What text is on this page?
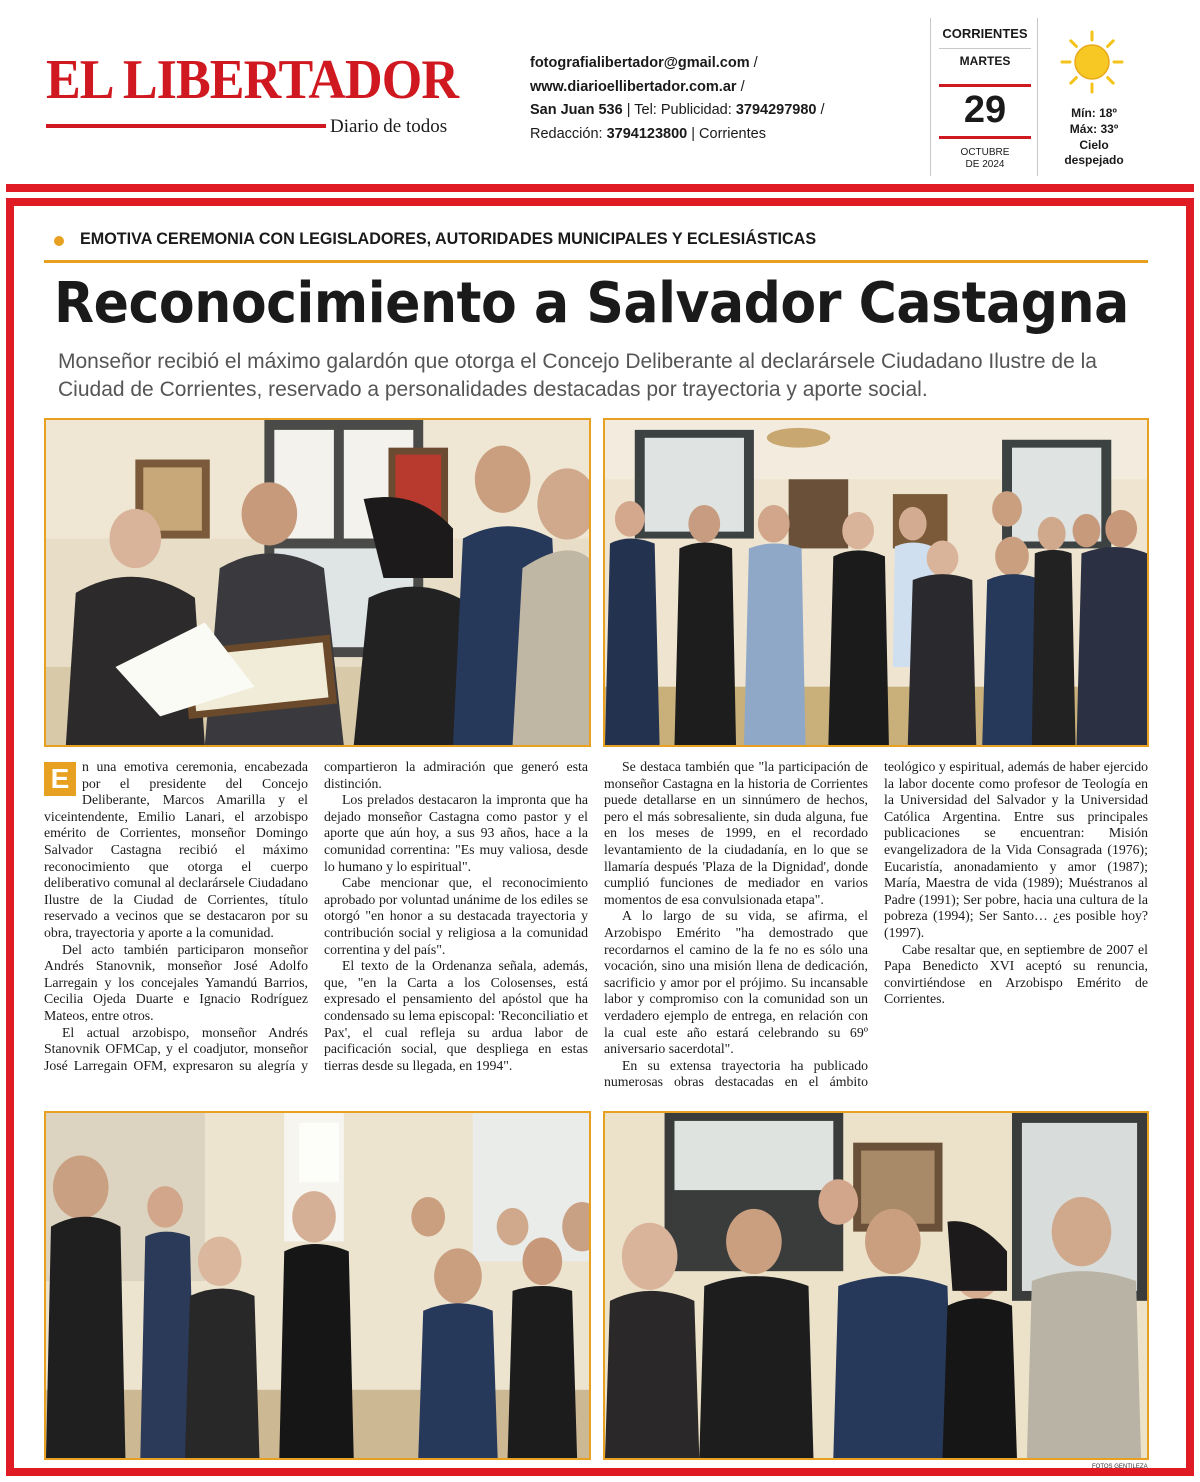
EL LIBERTADOR
Diario de todos
fotografialibertador@gmail.com /
www.diarioellibertador.com.ar /
San Juan 536 | Tel: Publicidad: 3794297980 /
Redacción: 3794123800 | Corrientes
CORRIENTES
MARTES
29
OCTUBRE
DE 2024
Mín: 18º
Máx: 33º
Cielo
despejado
EMOTIVA CEREMONIA CON LEGISLADORES, AUTORIDADES MUNICIPALES Y ECLESIÁSTICAS
Reconocimiento a Salvador Castagna

Monseñor recibió el máximo galardón que otorga el Concejo Deliberante al declarársele Ciudadano Ilustre de la Ciudad de Corrientes, reservado a personalidades destacadas por trayectoria y aporte social.

FOTOS GENTILEZA

E n una emotiva ceremonia, encabezada por el presidente del Concejo Deliberante, Marcos Amarilla y el viceintendente, Emilio Lanari, el arzobispo emérito de Corrientes, monseñor Domingo Salvador Castagna recibió el máximo reconocimiento que otorga el cuerpo deliberativo comunal al declarársele Ciudadano Ilustre de la Ciudad de Corrientes, título reservado a vecinos que se destacaron por su obra, trayectoria y aporte a la comunidad.

Del acto también participaron monseñor Andrés Stanovnik, monseñor José Adolfo Larregain y los concejales Yamandú Barrios, Cecilia Ojeda Duarte e Ignacio Rodríguez Mateos, entre otros.

El actual arzobispo, monseñor Andrés Stanovnik OFMCap, y el coadjutor, monseñor José Larregain OFM, expresaron su alegría y compartieron la admiración que generó esta distinción.

Los prelados destacaron la impronta que ha dejado monseñor Castagna como pastor y el aporte que aún hoy, a sus 93 años, hace a la comunidad correntina: "Es muy valiosa, desde lo humano y lo espiritual".

Cabe mencionar que, el reconocimiento aprobado por voluntad unánime de los ediles se otorgó "en honor a su destacada trayectoria y contribución social y religiosa a la comunidad correntina y del país".

El texto de la Ordenanza señala, además, que, "en la Carta a los Colosenses, está expresado el pensamiento del apóstol que ha condensado su lema episcopal: 'Reconciliatio et Pax', el cual refleja su ardua labor de pacificación social, que despliega en estas tierras desde su llegada, en 1994".

Se destaca también que "la participación de monseñor Castagna en la historia de Corrientes puede detallarse en un sinnúmero de hechos, pero el más sobresaliente, sin duda alguna, fue en los meses de 1999, en el recordado levantamiento de la ciudadanía, en lo que se llamaría después 'Plaza de la Dignidad', donde cumplió funciones de mediador en varios momentos de esa convulsionada etapa".

A lo largo de su vida, se afirma, el Arzobispo Emérito "ha demostrado que recordarnos el camino de la fe no es sólo una vocación, sino una misión llena de dedicación, sacrificio y amor por el prójimo. Su incansable labor y compromiso con la comunidad son un verdadero ejemplo de entrega, en relación con la cual este año estará celebrando su 69º aniversario sacerdotal".

En su extensa trayectoria ha publicado numerosas obras destacadas en el ámbito teológico y espiritual, además de haber ejercido la labor docente como profesor de Teología en la Universidad del Salvador y la Universidad Católica Argentina. Entre sus principales publicaciones se encuentran: Misión evangelizadora de la Vida Consagrada (1976); Eucaristía, anonadamiento y amor (1987); María, Maestra de vida (1989); Muéstranos al Padre (1991); Ser pobre, hacia una cultura de la pobreza (1994); Ser Santo… ¿es posible hoy? (1997).

Cabe resaltar que, en septiembre de 2007 el Papa Benedicto XVI aceptó su renuncia, convirtiéndose en Arzobispo Emérito de Corrientes.
